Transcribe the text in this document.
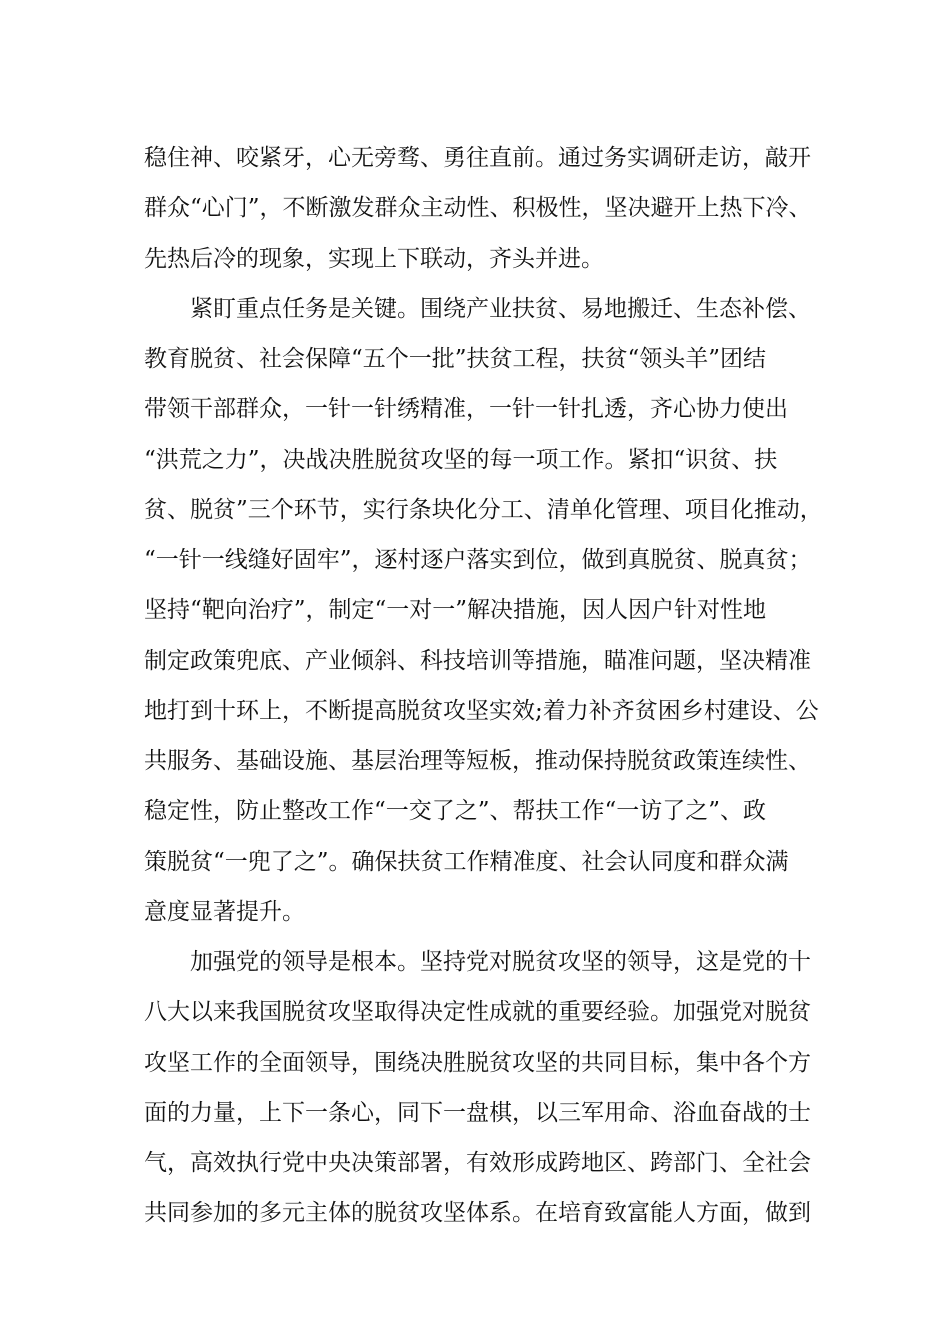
稳住神、咬紧牙，心无旁骛、勇往直前。通过务实调研走访，敲开
群众“心门”，不断激发群众主动性、积极性，坚决避开上热下冷、
先热后冷的现象，实现上下联动，齐头并进。
紧盯重点任务是关键。围绕产业扶贫、易地搬迁、生态补偿、
教育脱贫、社会保障“五个一批”扶贫工程，扶贫“领头羊”团结
带领干部群众，一针一针绣精准，一针一针扎透，齐心协力使出
“洪荒之力”，决战决胜脱贫攻坚的每一项工作。紧扣“识贫、扶
贫、脱贫”三个环节，实行条块化分工、清单化管理、项目化推动，
“一针一线缝好固牢”，逐村逐户落实到位，做到真脱贫、脱真贫；
坚持“靶向治疗”，制定“一对一”解决措施，因人因户针对性地
制定政策兜底、产业倾斜、科技培训等措施，瞄准问题，坚决精准
地打到十环上，不断提高脱贫攻坚实效;着力补齐贫困乡村建设、公
共服务、基础设施、基层治理等短板，推动保持脱贫政策连续性、
稳定性，防止整改工作“一交了之”、帮扶工作“一访了之”、政
策脱贫“一兜了之”。确保扶贫工作精准度、社会认同度和群众满
意度显著提升。
加强党的领导是根本。坚持党对脱贫攻坚的领导，这是党的十
八大以来我国脱贫攻坚取得决定性成就的重要经验。加强党对脱贫
攻坚工作的全面领导，围绕决胜脱贫攻坚的共同目标，集中各个方
面的力量，上下一条心，同下一盘棋，以三军用命、浴血奋战的士
气，高效执行党中央决策部署，有效形成跨地区、跨部门、全社会
共同参加的多元主体的脱贫攻坚体系。在培育致富能人方面，做到
